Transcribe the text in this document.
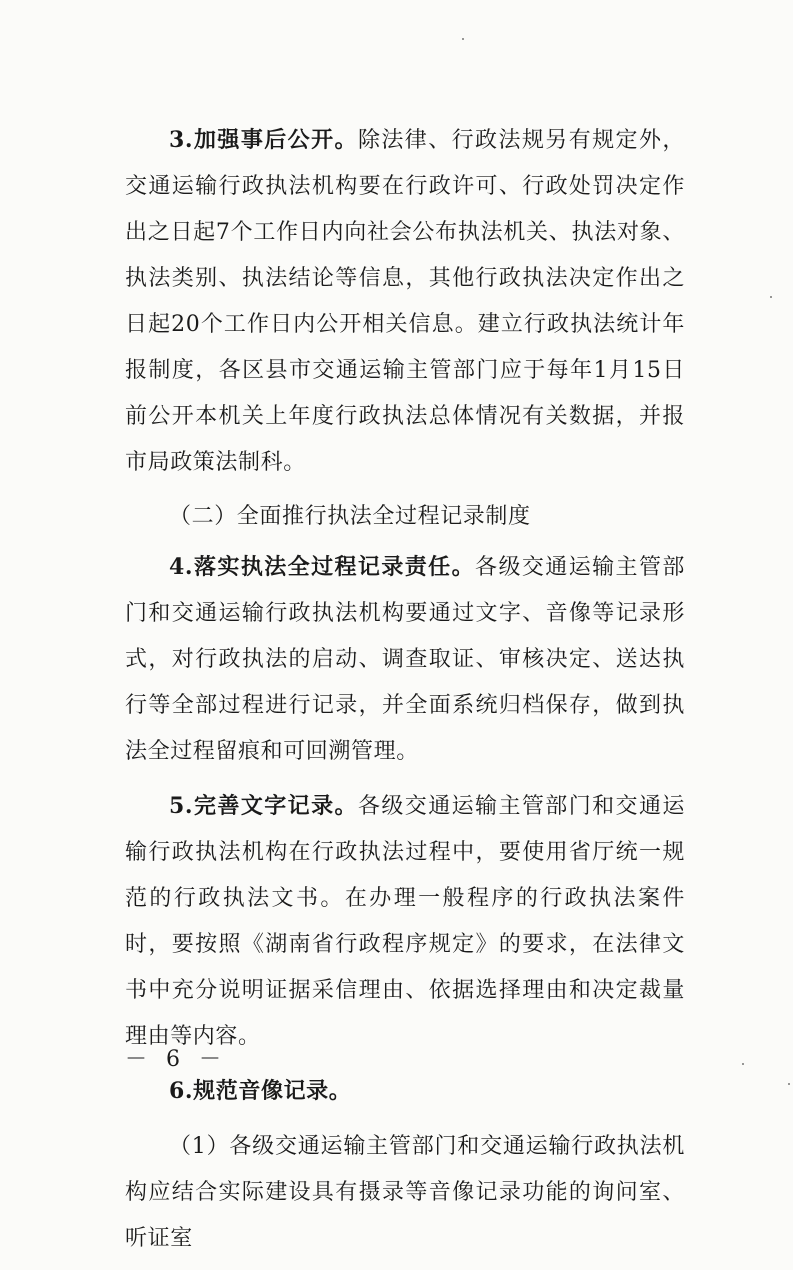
3.加强事后公开。除法律、行政法规另有规定外，交通运输行政执法机构要在行政许可、行政处罚决定作出之日起7个工作日内向社会公布执法机关、执法对象、执法类别、执法结论等信息，其他行政执法决定作出之日起20个工作日内公开相关信息。建立行政执法统计年报制度，各区县市交通运输主管部门应于每年1月15日前公开本机关上年度行政执法总体情况有关数据，并报市局政策法制科。

（二）全面推行执法全过程记录制度

4.落实执法全过程记录责任。各级交通运输主管部门和交通运输行政执法机构要通过文字、音像等记录形式，对行政执法的启动、调查取证、审核决定、送达执行等全部过程进行记录，并全面系统归档保存，做到执法全过程留痕和可回溯管理。

5.完善文字记录。各级交通运输主管部门和交通运输行政执法机构在行政执法过程中，要使用省厅统一规范的行政执法文书。在办理一般程序的行政执法案件时，要按照《湖南省行政程序规定》的要求，在法律文书中充分说明证据采信理由、依据选择理由和决定裁量理由等内容。

6.规范音像记录。

（1）各级交通运输主管部门和交通运输行政执法机构应结合实际建设具有摄录等音像记录功能的询问室、听证室

－ 6 －
